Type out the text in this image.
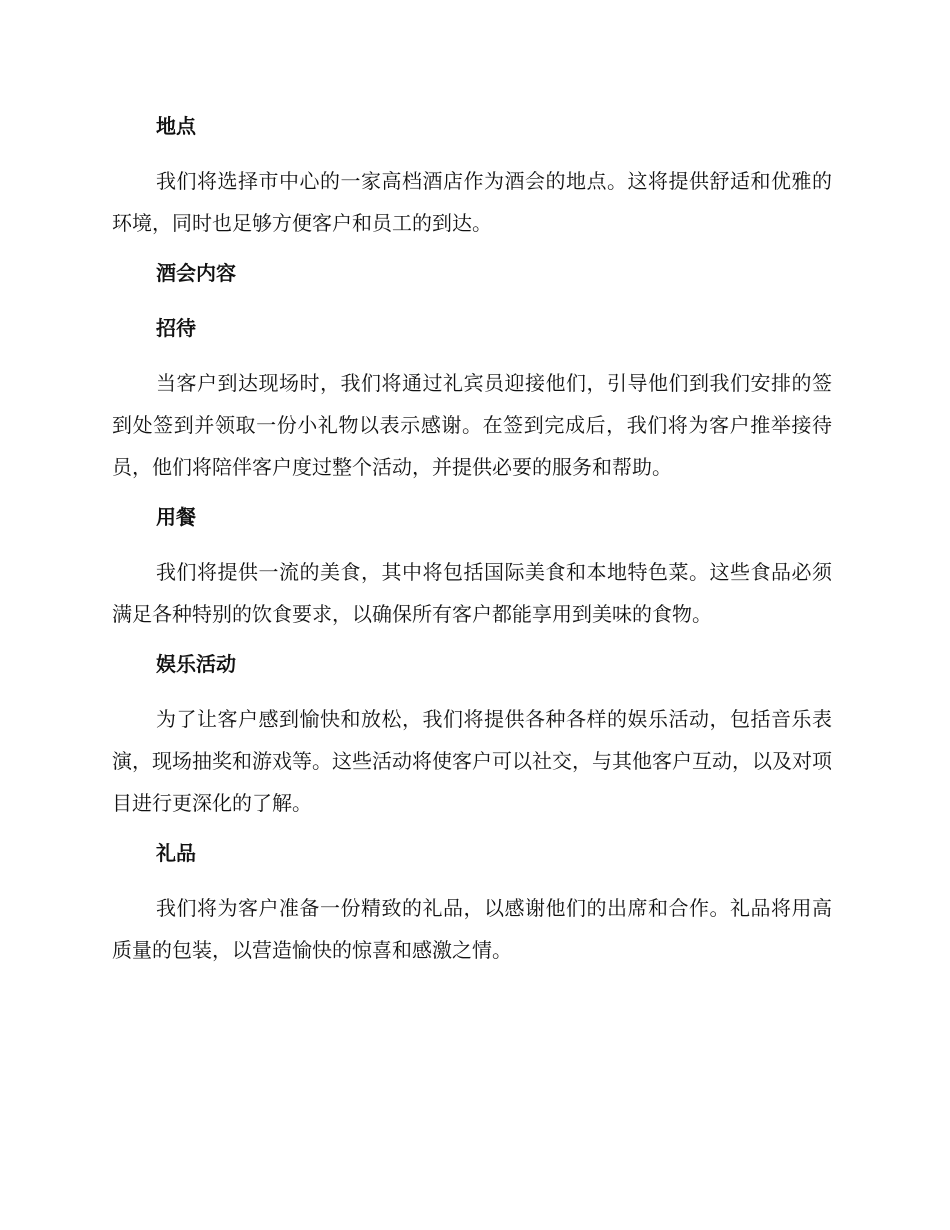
地点
我们将选择市中心的一家高档酒店作为酒会的地点。这将提供舒适和优雅的环境，同时也足够方便客户和员工的到达。
酒会内容
招待
当客户到达现场时，我们将通过礼宾员迎接他们，引导他们到我们安排的签到处签到并领取一份小礼物以表示感谢。在签到完成后，我们将为客户推举接待员，他们将陪伴客户度过整个活动，并提供必要的服务和帮助。
用餐
我们将提供一流的美食，其中将包括国际美食和本地特色菜。这些食品必须满足各种特别的饮食要求，以确保所有客户都能享用到美味的食物。
娱乐活动
为了让客户感到愉快和放松，我们将提供各种各样的娱乐活动，包括音乐表演，现场抽奖和游戏等。这些活动将使客户可以社交，与其他客户互动，以及对项目进行更深化的了解。
礼品
我们将为客户准备一份精致的礼品，以感谢他们的出席和合作。礼品将用高质量的包装，以营造愉快的惊喜和感激之情。
